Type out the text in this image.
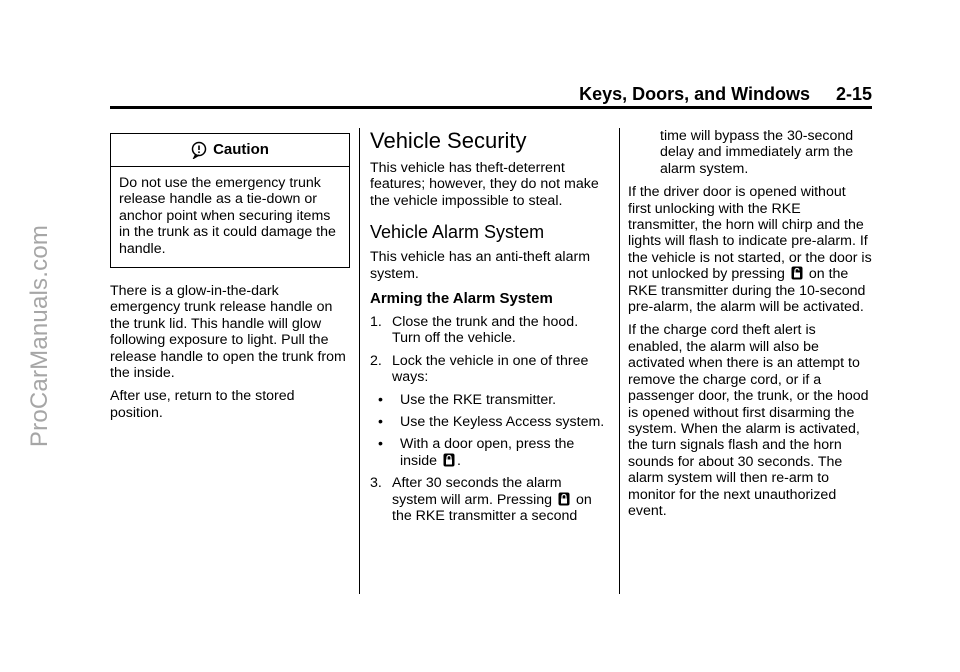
ProCarManuals.com
Keys, Doors, and Windows 2-15
Caution
Do not use the emergency trunk release handle as a tie-down or anchor point when securing items in the trunk as it could damage the handle.

There is a glow-in-the-dark emergency trunk release handle on the trunk lid. This handle will glow following exposure to light. Pull the release handle to open the trunk from the inside.

After use, return to the stored position.

Vehicle Security

This vehicle has theft-deterrent features; however, they do not make the vehicle impossible to steal.

Vehicle Alarm System

This vehicle has an anti-theft alarm system.

Arming the Alarm System
1. Close the trunk and the hood. Turn off the vehicle.
2. Lock the vehicle in one of three ways:
•	Use the RKE transmitter.
•	Use the Keyless Access system.
•	With a door open, press the inside .
3. After 30 seconds the alarm system will arm. Pressing on the RKE transmitter a second

time will bypass the 30-second delay and immediately arm the alarm system.

If the driver door is opened without first unlocking with the RKE transmitter, the horn will chirp and the lights will flash to indicate pre-alarm. If the vehicle is not started, or the door is not unlocked by pressing on the RKE transmitter during the 10-second pre-alarm, the alarm will be activated.

If the charge cord theft alert is enabled, the alarm will also be activated when there is an attempt to remove the charge cord, or if a passenger door, the trunk, or the hood is opened without first disarming the system. When the alarm is activated, the turn signals flash and the horn sounds for about 30 seconds. The alarm system will then re-arm to monitor for the next unauthorized event.
